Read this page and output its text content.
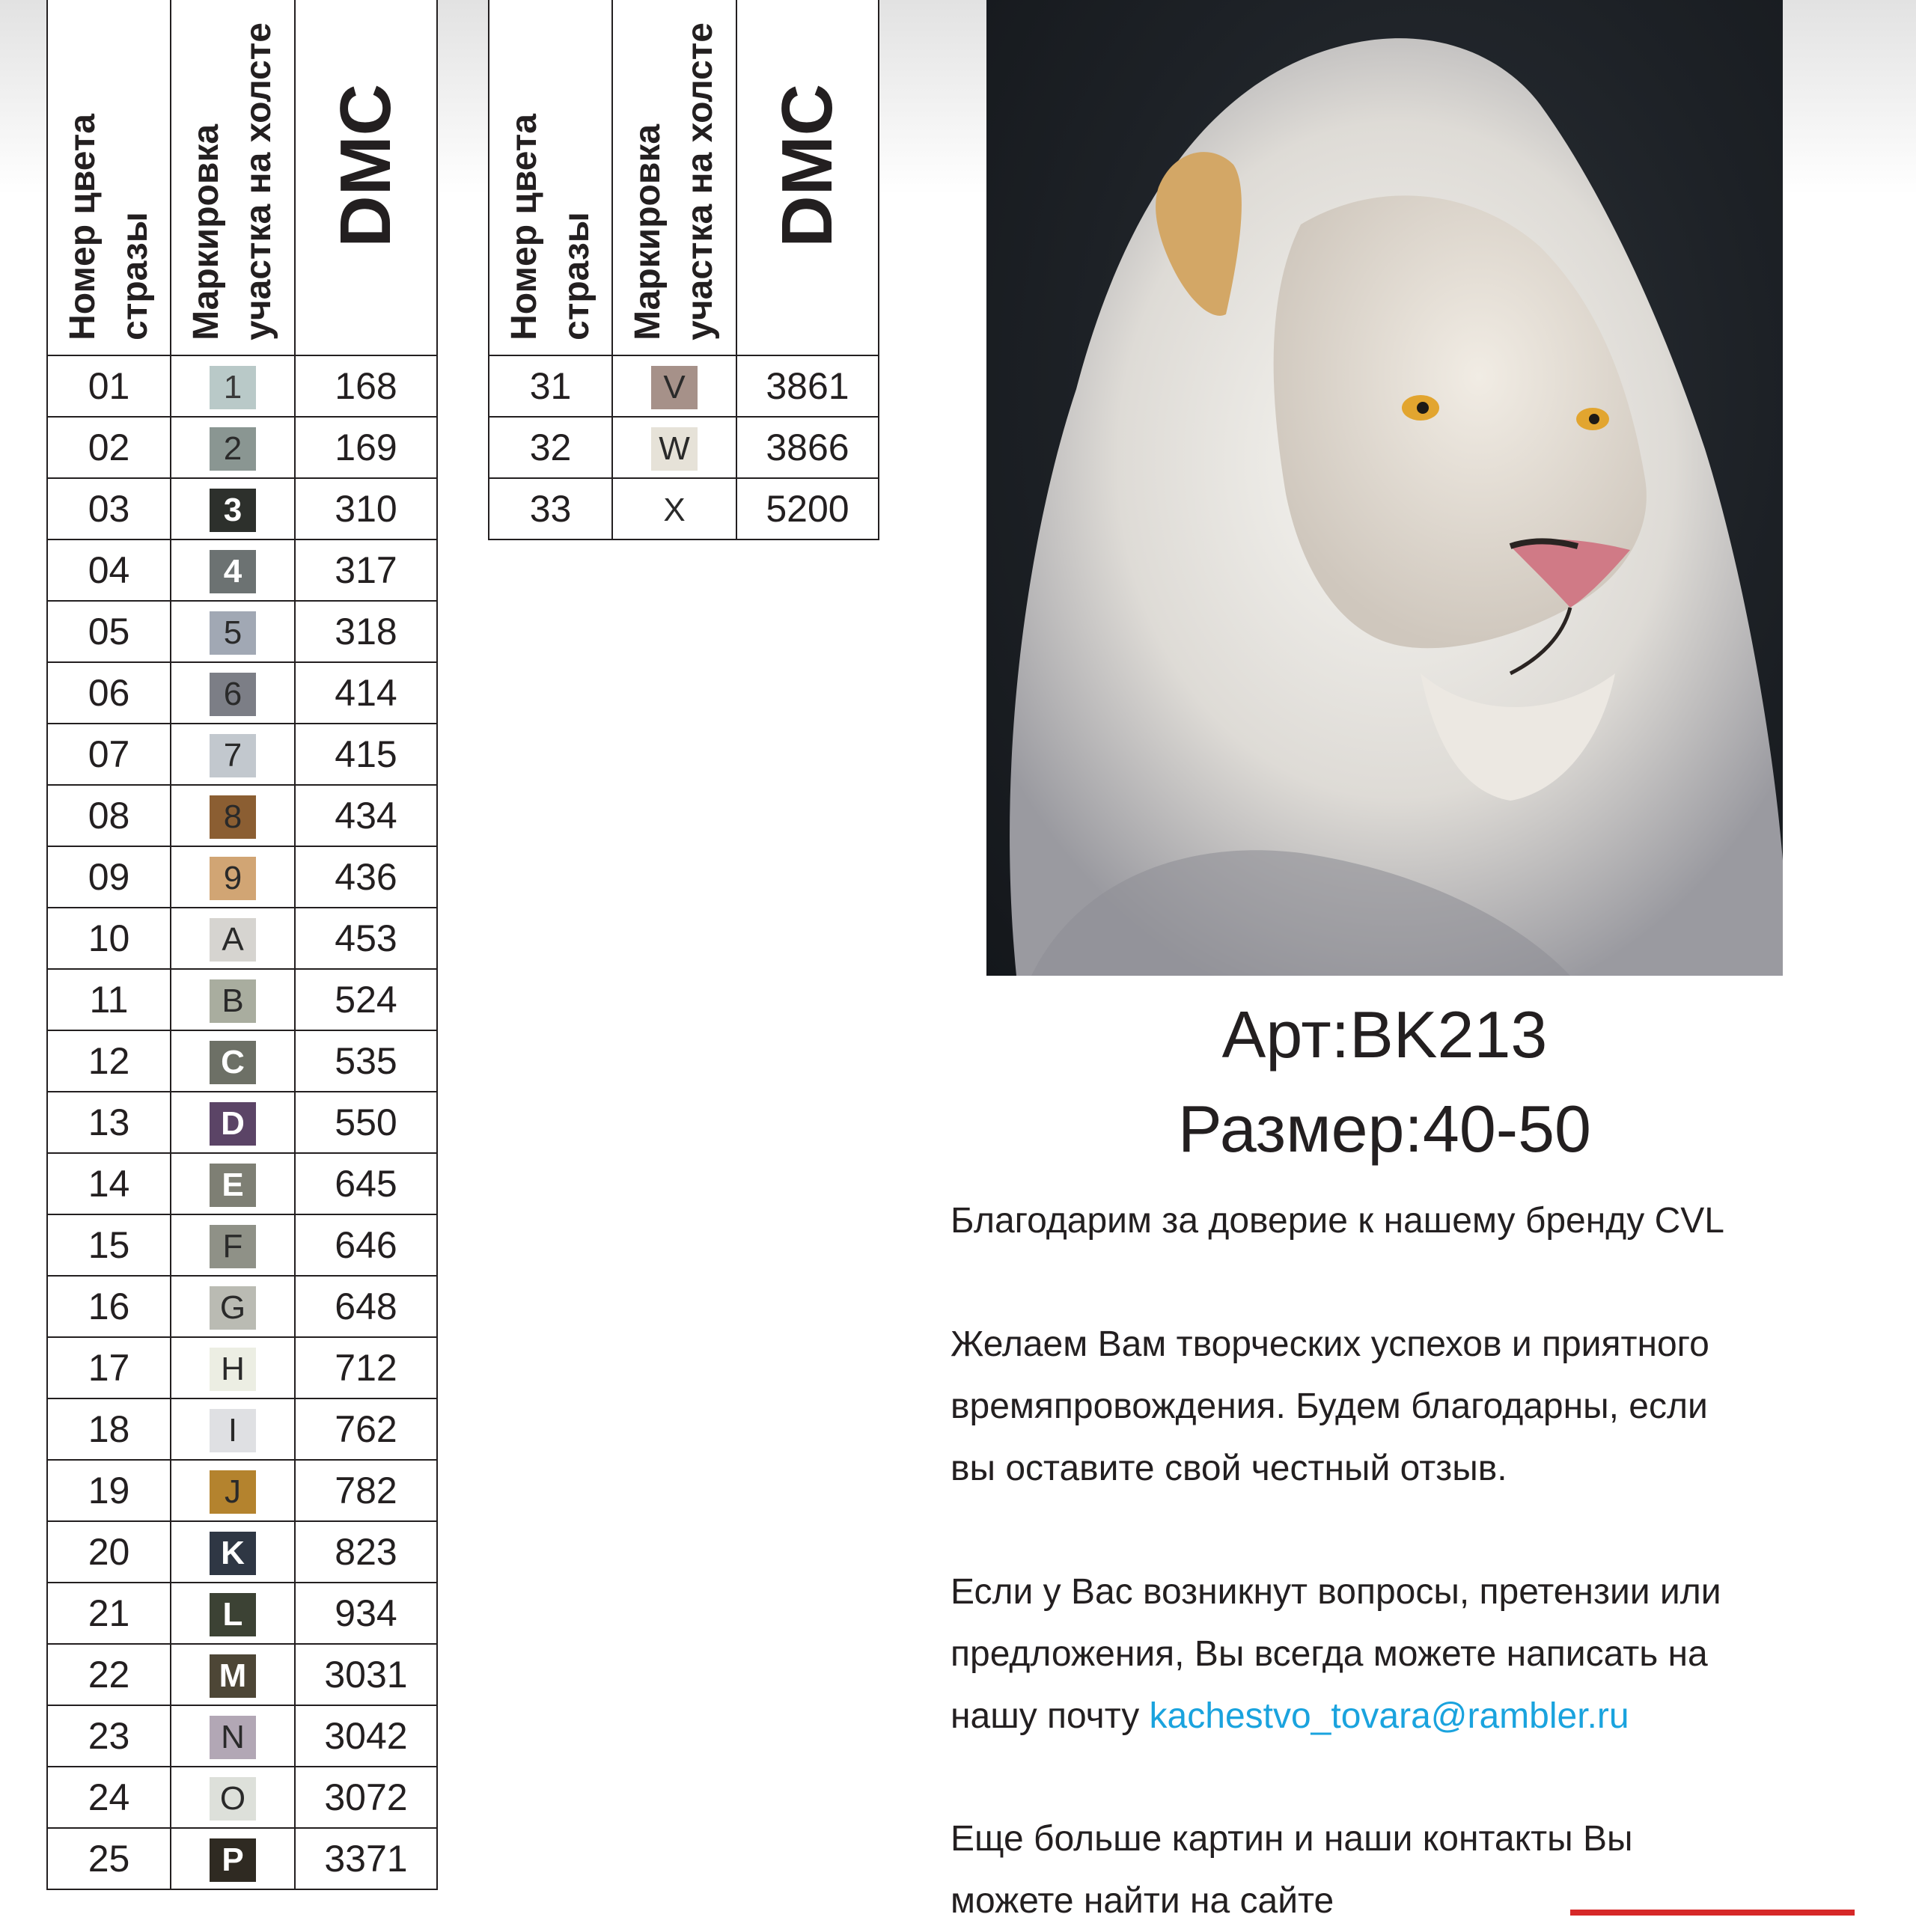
Номер цвета стразы	Маркировка участка на холсте	DMC
01	1	168
02	2	169
03	3	310
04	4	317
05	5	318
06	6	414
07	7	415
08	8	434
09	9	436
10	A	453
11	B	524
12	C	535
13	D	550
14	E	645
15	F	646
16	G	648
17	H	712
18	I	762
19	J	782
20	K	823
21	L	934
22	M	3031
23	N	3042
24	O	3072
25	P	3371
Номер цвета стразы	Маркировка участка на холсте	DMC
31	V	3861
32	W	3866
33	X	5200
Арт:BK213
Размер:40-50
Благодарим за доверие к нашему бренду CVL
Желаем Вам творческих успехов и приятного
времяпровождения. Будем благодарны, если
вы оставите свой честный отзыв.
Если у Вас возникнут вопросы, претензии или
предложения, Вы всегда можете написать на
нашу почту kachestvo_tovara@rambler.ru
Еще больше картин и наши контакты Вы
можете найти на сайте
